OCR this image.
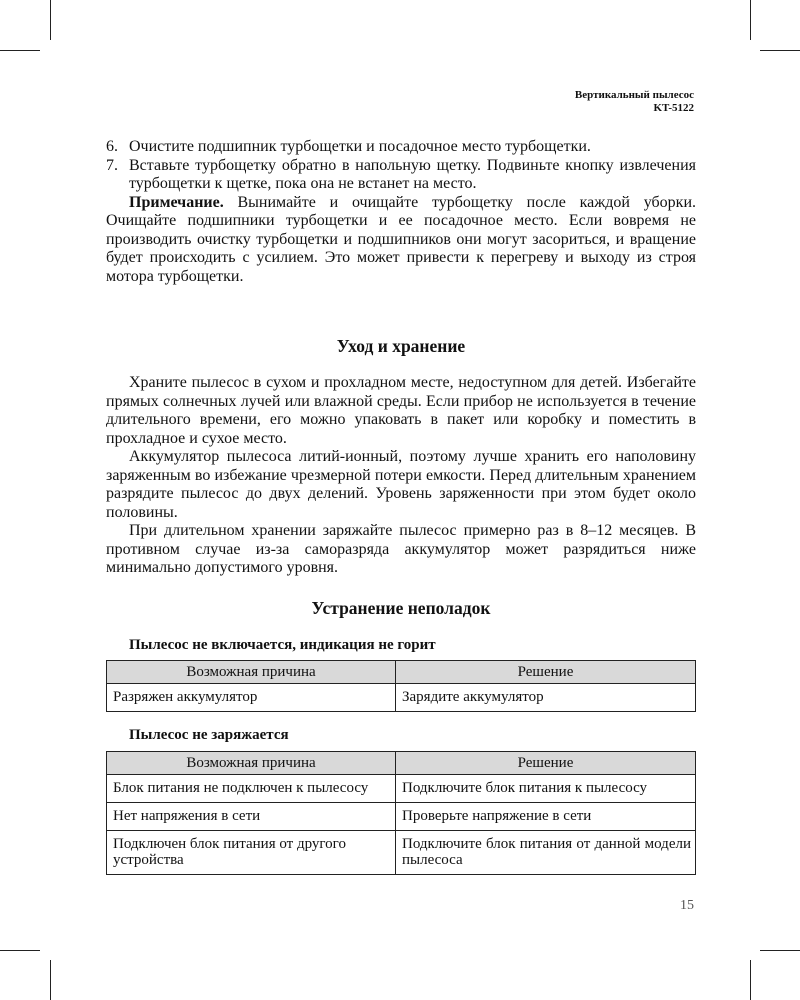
Вертикальный пылесос
KT-5122
6. Очистите подшипник турбощетки и посадочное место турбощетки.
7. Вставьте турбощетку обратно в напольную щетку. Подвиньте кнопку извлечения турбощетки к щетке, пока она не встанет на место.

Примечание. Вынимайте и очищайте турбощетку после каждой уборки. Очищайте подшипники турбощетки и ее посадочное место. Если вовремя не производить очистку турбощетки и подшипников они могут засориться, и вращение будет происходить с усилием. Это может привести к перегреву и выходу из строя мотора турбощетки.

Уход и хранение

Храните пылесос в сухом и прохладном месте, недоступном для детей. Избегайте прямых солнечных лучей или влажной среды. Если прибор не используется в течение длительного времени, его можно упаковать в пакет или коробку и поместить в прохладное и сухое место.

Аккумулятор пылесоса литий-ионный, поэтому лучше хранить его наполовину заряженным во избежание чрезмерной потери емкости. Перед длительным хранением разрядите пылесос до двух делений. Уровень заряженности при этом будет около половины.

При длительном хранении заряжайте пылесос примерно раз в 8–12 месяцев. В противном случае из-за саморазряда аккумулятор может разрядиться ниже минимально допустимого уровня.

Устранение неполадок
Пылесос не включается, индикация не горит
Возможная причина	Решение
Разряжен аккумулятор	Зарядите аккумулятор
Пылесос не заряжается
Возможная причина	Решение
Блок питания не подключен к пылесосу	Подключите блок питания к пылесосу
Нет напряжения в сети	Проверьте напряжение в сети
Подключен блок питания от другого устройства	Подключите блок питания от данной модели пылесоса
15
